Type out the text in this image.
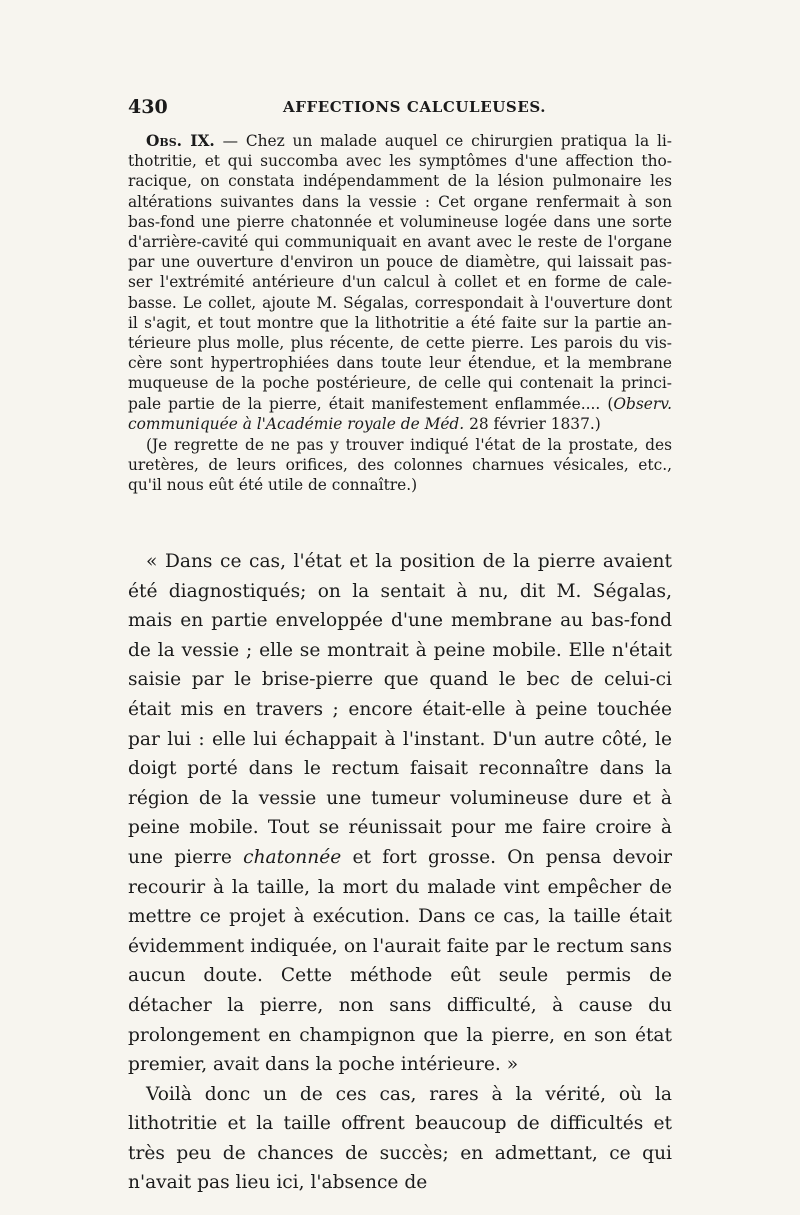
430	AFFECTIONS CALCULEUSES.

Obs. IX. — Chez un malade auquel ce chirurgien pratiqua la lithotritie, et qui succomba avec les symptômes d'une affection thoracique, on constata indépendamment de la lésion pulmonaire les altérations suivantes dans la vessie : Cet organe renfermait à son bas-fond une pierre chatonnée et volumineuse logée dans une sorte d'arrière-cavité qui communiquait en avant avec le reste de l'organe par une ouverture d'environ un pouce de diamètre, qui laissait passer l'extrémité antérieure d'un calcul à collet et en forme de calebasse. Le collet, ajoute M. Ségalas, correspondait à l'ouverture dont il s'agit, et tout montre que la lithotritie a été faite sur la partie antérieure plus molle, plus récente, de cette pierre. Les parois du viscère sont hypertrophiées dans toute leur étendue, et la membrane muqueuse de la poche postérieure, de celle qui contenait la principale partie de la pierre, était manifestement enflammée.... (Observ. communiquée à l'Académie royale de Méd. 28 février 1837.)

(Je regrette de ne pas y trouver indiqué l'état de la prostate, des uretères, de leurs orifices, des colonnes charnues vésicales, etc., qu'il nous eût été utile de connaître.)

« Dans ce cas, l'état et la position de la pierre avaient été diagnostiqués; on la sentait à nu, dit M. Ségalas, mais en partie enveloppée d'une membrane au bas-fond de la vessie ; elle se montrait à peine mobile. Elle n'était saisie par le brise-pierre que quand le bec de celui-ci était mis en travers ; encore était-elle à peine touchée par lui : elle lui échappait à l'instant. D'un autre côté, le doigt porté dans le rectum faisait reconnaître dans la région de la vessie une tumeur volumineuse dure et à peine mobile. Tout se réunissait pour me faire croire à une pierre chatonnée et fort grosse. On pensa devoir recourir à la taille, la mort du malade vint empêcher de mettre ce projet à exécution. Dans ce cas, la taille était évidemment indiquée, on l'aurait faite par le rectum sans aucun doute. Cette méthode eût seule permis de détacher la pierre, non sans difficulté, à cause du prolongement en champignon que la pierre, en son état premier, avait dans la poche intérieure. »

Voilà donc un de ces cas, rares à la vérité, où la lithotritie et la taille offrent beaucoup de difficultés et très peu de chances de succès; en admettant, ce qui n'avait pas lieu ici, l'absence de
